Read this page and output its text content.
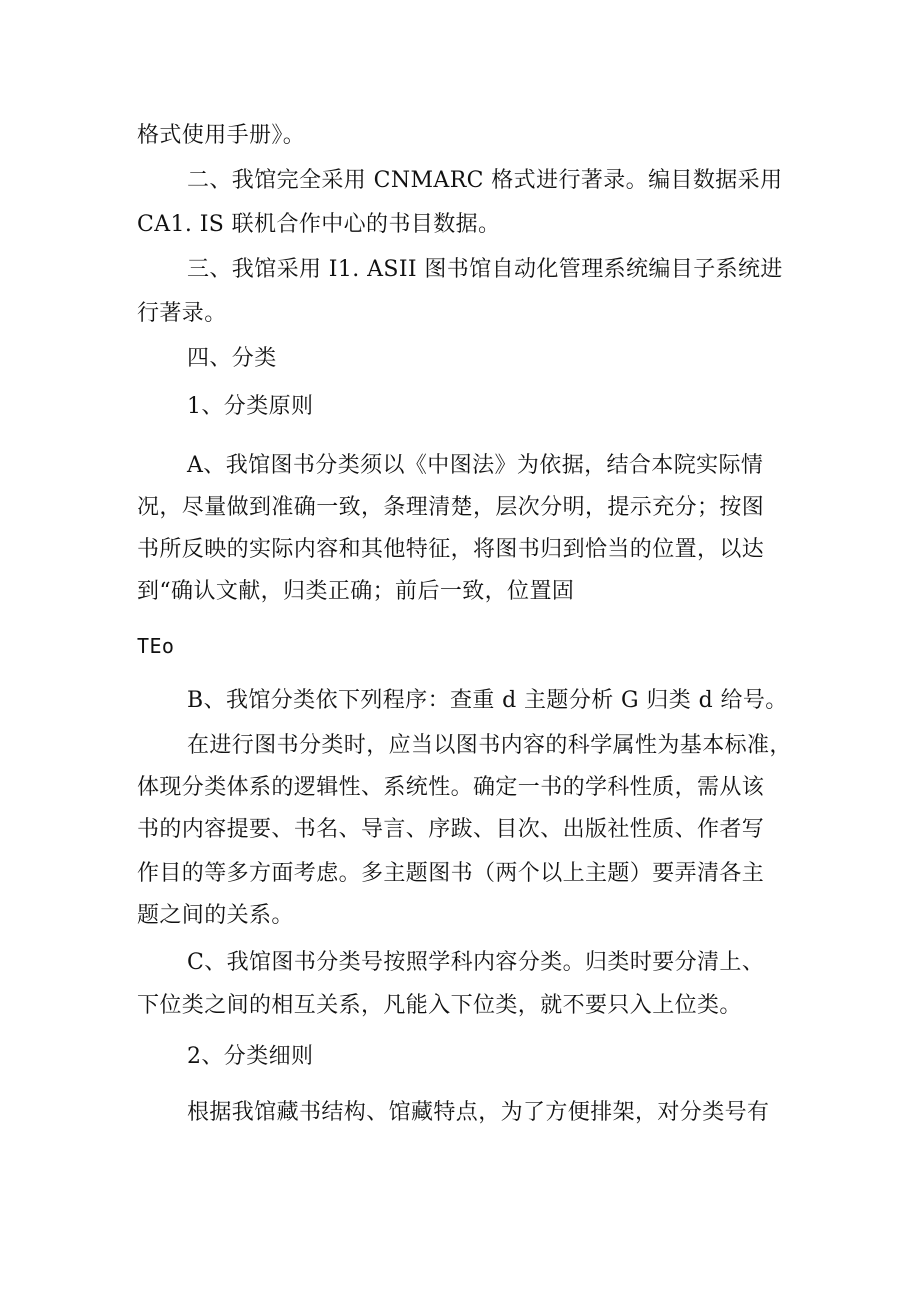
格式使用手册》。
二、我馆完全采用 CNMARC 格式进行著录。编目数据采用
CA1. IS 联机合作中心的书目数据。
三、我馆采用 I1. ASII 图书馆自动化管理系统编目子系统进
行著录。
四、分类
1、分类原则
A、我馆图书分类须以《中图法》为依据，结合本院实际情
况，尽量做到准确一致，条理清楚，层次分明，提示充分；按图
书所反映的实际内容和其他特征，将图书归到恰当的位置，以达
到“确认文献，归类正确；前后一致，位置固
TEo
B、我馆分类依下列程序：查重 d 主题分析 G 归类 d 给号。
在进行图书分类时，应当以图书内容的科学属性为基本标准，
体现分类体系的逻辑性、系统性。确定一书的学科性质，需从该
书的内容提要、书名、导言、序跋、目次、出版社性质、作者写
作目的等多方面考虑。多主题图书（两个以上主题）要弄清各主
题之间的关系。
C、我馆图书分类号按照学科内容分类。归类时要分清上、
下位类之间的相互关系，凡能入下位类，就不要只入上位类。
2、分类细则
根据我馆藏书结构、馆藏特点，为了方便排架，对分类号有
